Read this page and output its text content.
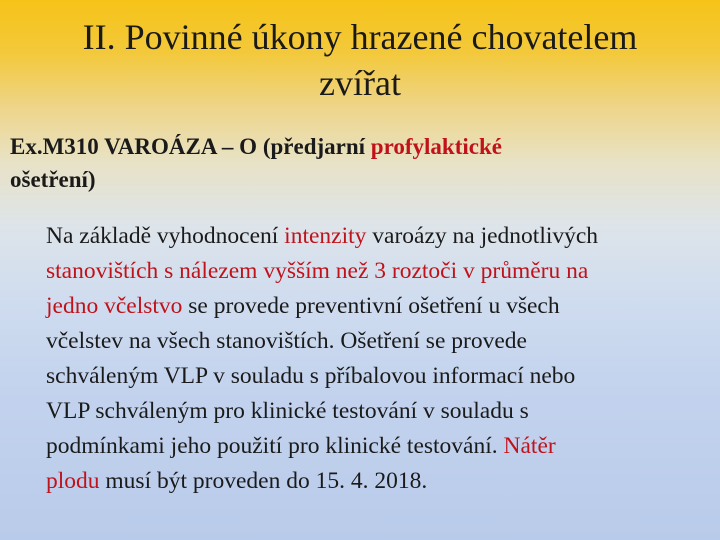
II. Povinné úkony hrazené chovatelem
zvířat

Ex.M310 VAROÁZA – O (předjarní profylaktické
ošetření)

Na základě vyhodnocení intenzity varoázy na jednotlivých
stanovištích s nálezem vyšším než 3 roztoči v průměru na
jedno včelstvo se provede preventivní ošetření u všech
včelstev na všech stanovištích. Ošetření se provede
schváleným VLP v souladu s příbalovou informací nebo
VLP schváleným pro klinické testování v souladu s
podmínkami jeho použití pro klinické testování. Nátěr
plodu musí být proveden do 15. 4. 2018.
